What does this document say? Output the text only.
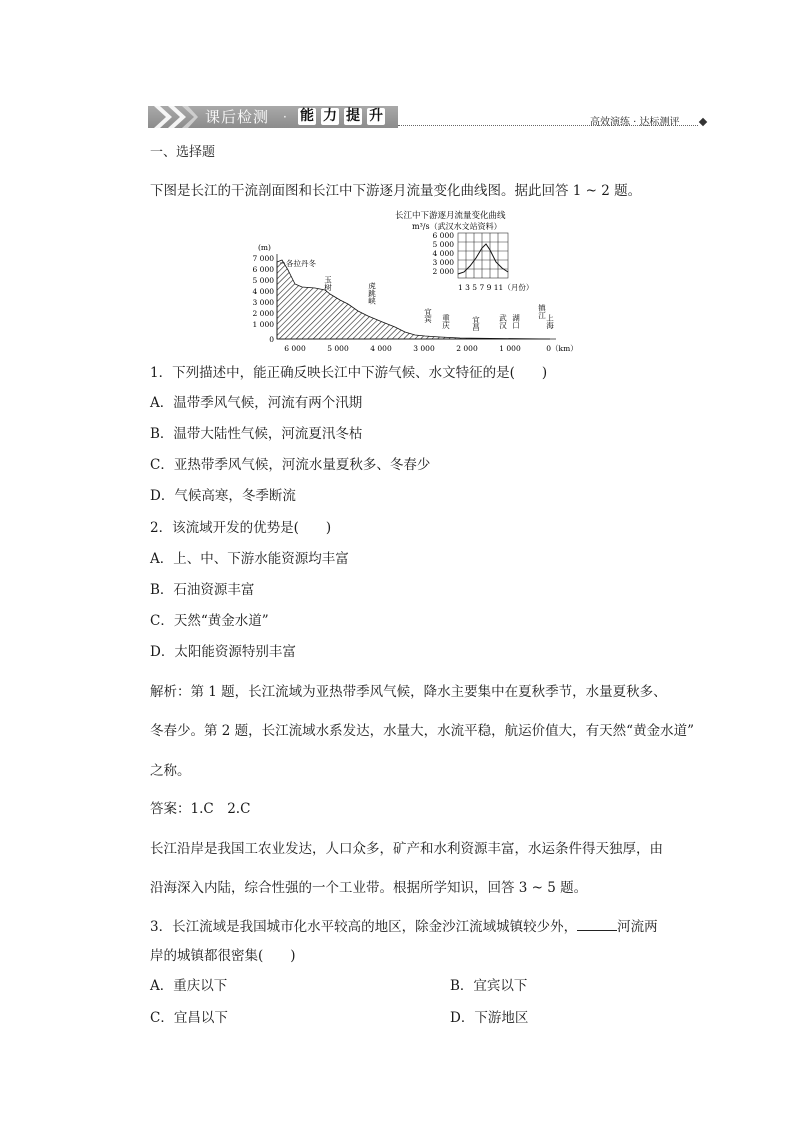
课后检测 · 能 力 提 升	高效演练 · 达标测评
一、选择题
下图是长江的干流剖面图和长江中下游逐月流量变化曲线图。据此回答 1 ~ 2 题。
长江中下游逐月流量变化曲线
m³/s（武汉水文站资料）
6 000
5 000
4 000
3 000
2 000
1 3 5 7 9 11（月份）
(m)
7 000
6 000
5 000
4 000
3 000
2 000
1 000
0
各拉丹冬
玉树	虎跳峡
宜宾 重庆	宜昌 武汉 湖口
镇江
上海
6 000	5 000	4 000	3 000	2 000	1 000	0（km）
1．下列描述中，能正确反映长江中下游气候、水文特征的是(　　)
A．温带季风气候，河流有两个汛期
B．温带大陆性气候，河流夏汛冬枯
C．亚热带季风气候，河流水量夏秋多、冬春少
D．气候高寒，冬季断流
2．该流域开发的优势是(　　)
A．上、中、下游水能资源均丰富
B．石油资源丰富
C．天然“黄金水道”
D．太阳能资源特别丰富
解析：第 1 题，长江流域为亚热带季风气候，降水主要集中在夏秋季节，水量夏秋多、
冬春少。第 2 题，长江流域水系发达，水量大，水流平稳，航运价值大，有天然“黄金水道”
之称。
答案：1.C　2.C
长江沿岸是我国工农业发达，人口众多，矿产和水利资源丰富，水运条件得天独厚，由
沿海深入内陆，综合性强的一个工业带。根据所学知识，回答 3 ~ 5 题。
3．长江流域是我国城市化水平较高的地区，除金沙江流域城镇较少外，	河流两
岸的城镇都很密集(　　)
A．重庆以下	B．宜宾以下
C．宜昌以下	D．下游地区
